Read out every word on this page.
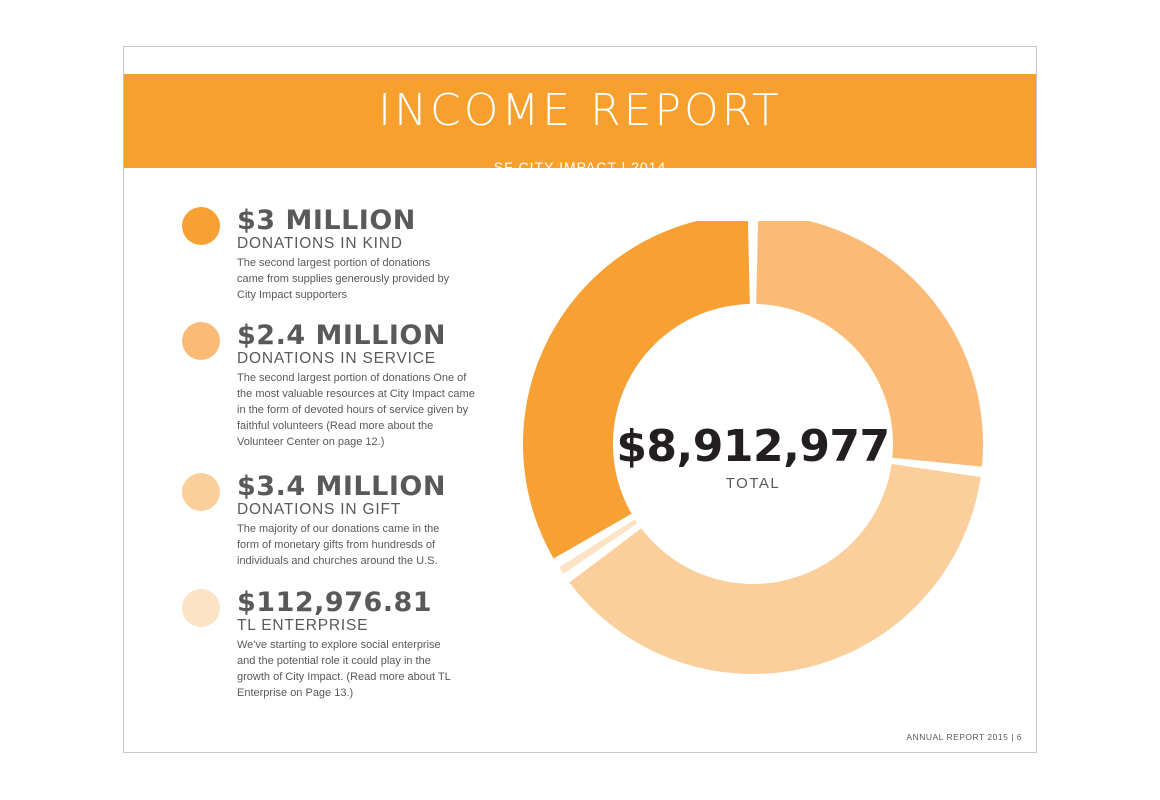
INCOME REPORT
SF CITY IMPACT | 2014
$3 MILLION
DONATIONS IN KIND
The second largest portion of donations came from supplies generously provided by City Impact supporters
$2.4 MILLION
DONATIONS IN SERVICE
The second largest portion of donations One of the most valuable resources at City Impact came in the form of devoted hours of service given by faithful volunteers (Read more about the Volunteer Center on page 12.)
$3.4 MILLION
DONATIONS IN GIFT
The majority of our donations came in the form of monetary gifts from hundresds of individuals and churches around the U.S.
$112,976.81
TL ENTERPRISE
We've starting to explore social enterprise and the potential role it could play in the growth of City Impact. (Read more about TL Enterprise on Page 13.)
$8,912,977
TOTAL
ANNUAL REPORT 2015 | 6
